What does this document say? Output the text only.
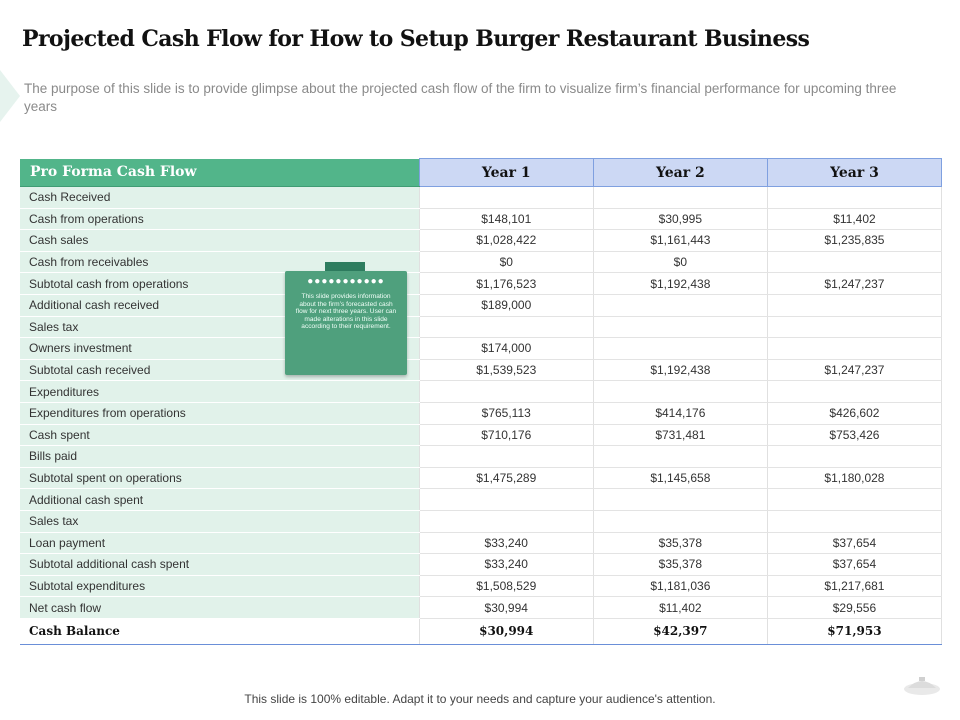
Projected Cash Flow for How to Setup Burger Restaurant Business

The purpose of this slide is to provide glimpse about the projected cash flow of the firm to visualize firm’s financial performance for upcoming three years

Pro Forma Cash Flow	Year 1	Year 2	Year 3
Cash Received			
Cash from operations	$148,101	$30,995	$11,402
Cash sales	$1,028,422	$1,161,443	$1,235,835
Cash from receivables	$0	$0	
Subtotal cash from operations	$1,176,523	$1,192,438	$1,247,237
Additional cash received	$189,000		
Sales tax			
Owners investment	$174,000		
Subtotal cash received	$1,539,523	$1,192,438	$1,247,237
Expenditures			
Expenditures from operations	$765,113	$414,176	$426,602
Cash spent	$710,176	$731,481	$753,426
Bills paid			
Subtotal spent on operations	$1,475,289	$1,145,658	$1,180,028
Additional cash spent			
Sales tax			
Loan payment	$33,240	$35,378	$37,654
Subtotal additional cash spent	$33,240	$35,378	$37,654
Subtotal expenditures	$1,508,529	$1,181,036	$1,217,681
Net cash flow	$30,994	$11,402	$29,556
Cash Balance	$30,994	$42,397	$71,953
●●●●●●●●●●●
This slide provides information about the firm’s forecasted cash flow for next three years. User can made alterations in this slide according to their requirement.
This slide is 100% editable. Adapt it to your needs and capture your audience's attention.
